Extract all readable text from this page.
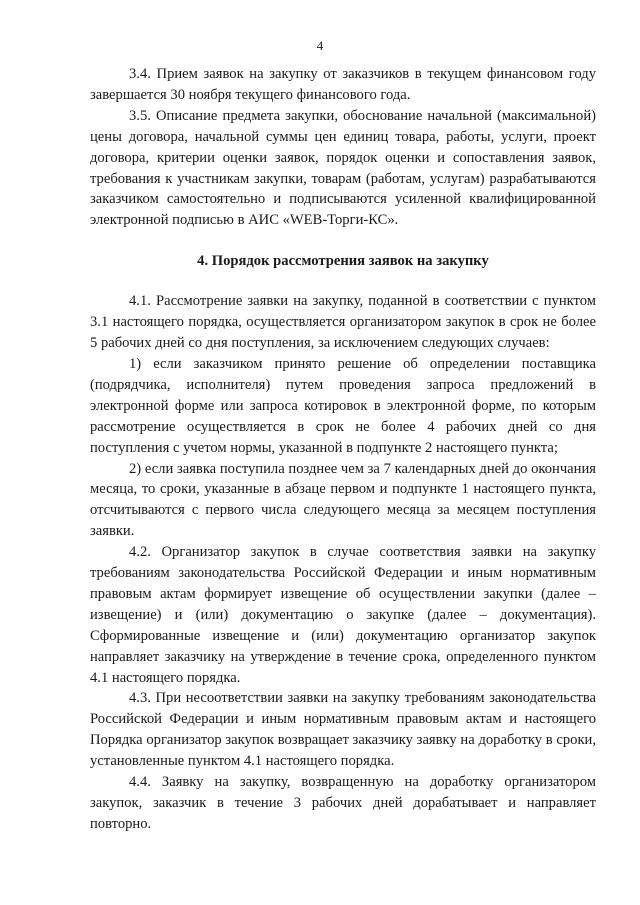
4

3.4. Прием заявок на закупку от заказчиков в текущем финансовом году завершается 30 ноября текущего финансового года.

3.5. Описание предмета закупки, обоснование начальной (максимальной) цены договора, начальной суммы цен единиц товара, работы, услуги, проект договора, критерии оценки заявок, порядок оценки и сопоставления заявок, требования к участникам закупки, товарам (работам, услугам) разрабатываются заказчиком самостоятельно и подписываются усиленной квалифицированной электронной подписью в АИС «WEB-Торги-КС».

4. Порядок рассмотрения заявок на закупку

4.1. Рассмотрение заявки на закупку, поданной в соответствии с пунктом 3.1 настоящего порядка, осуществляется организатором закупок в срок не более 5 рабочих дней со дня поступления, за исключением следующих случаев:

1) если заказчиком принято решение об определении поставщика (подрядчика, исполнителя) путем проведения запроса предложений в электронной форме или запроса котировок в электронной форме, по которым рассмотрение осуществляется в срок не более 4 рабочих дней со дня поступления с учетом нормы, указанной в подпункте 2 настоящего пункта;

2) если заявка поступила позднее чем за 7 календарных дней до окончания месяца, то сроки, указанные в абзаце первом и подпункте 1 настоящего пункта, отсчитываются с первого числа следующего месяца за месяцем поступления заявки.

4.2. Организатор закупок в случае соответствия заявки на закупку требованиям законодательства Российской Федерации и иным нормативным правовым актам формирует извещение об осуществлении закупки (далее – извещение) и (или) документацию о закупке (далее – документация). Сформированные извещение и (или) документацию организатор закупок направляет заказчику на утверждение в течение срока, определенного пунктом 4.1 настоящего порядка.

4.3. При несоответствии заявки на закупку требованиям законодательства Российской Федерации и иным нормативным правовым актам и настоящего Порядка организатор закупок возвращает заказчику заявку на доработку в сроки, установленные пунктом 4.1 настоящего порядка.

4.4. Заявку на закупку, возвращенную на доработку организатором закупок, заказчик в течение 3 рабочих дней дорабатывает и направляет повторно.
